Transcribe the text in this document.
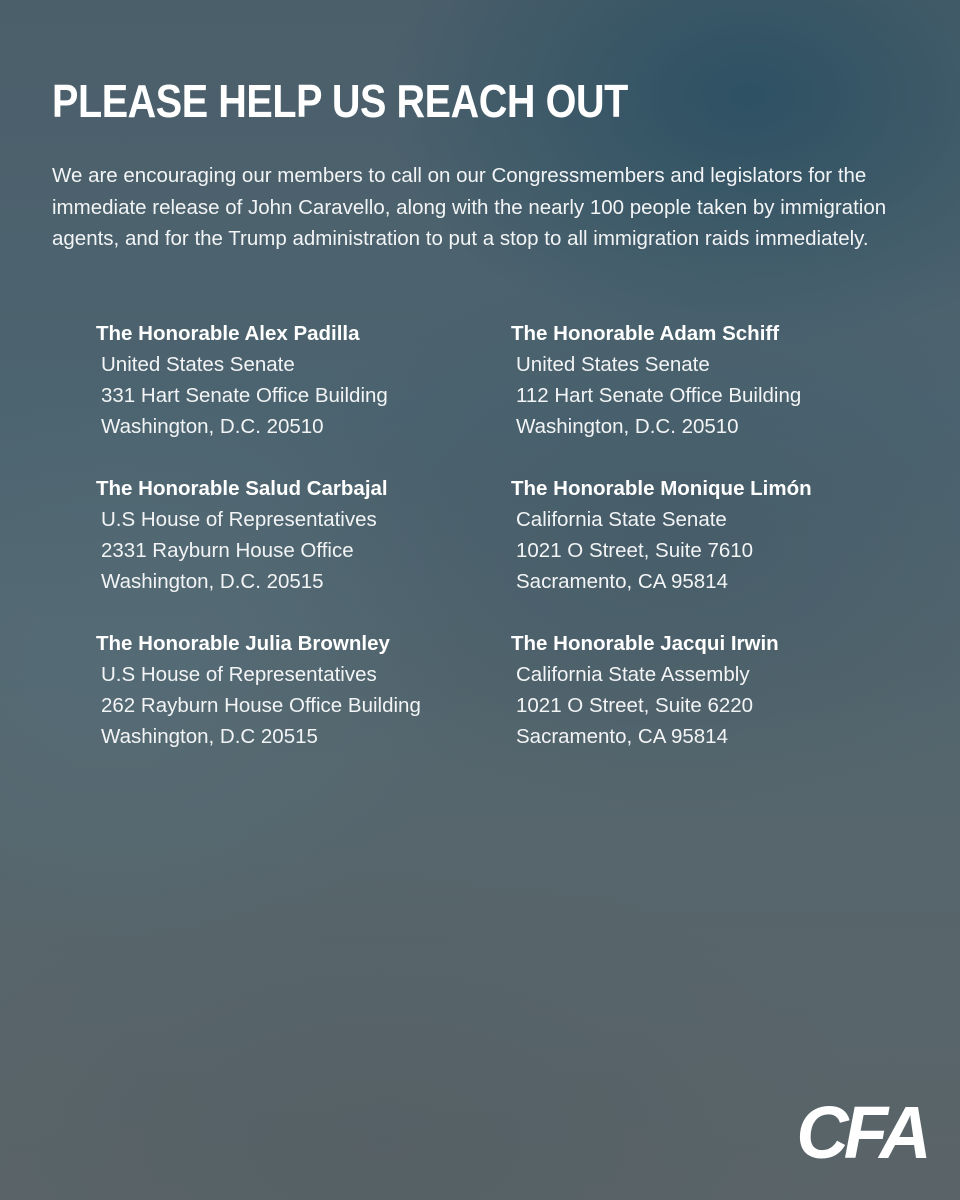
PLEASE HELP US REACH OUT

We are encouraging our members to call on our Congressmembers and legislators for the immediate release of John Caravello, along with the nearly 100 people taken by immigration agents, and for the Trump administration to put a stop to all immigration raids immediately.

The Honorable Alex Padilla
United States Senate
331 Hart Senate Office Building
Washington, D.C. 20510
The Honorable Adam Schiff
United States Senate
112 Hart Senate Office Building
Washington, D.C. 20510
The Honorable Salud Carbajal
U.S House of Representatives
2331 Rayburn House Office
Washington, D.C. 20515
The Honorable Monique Limón
California State Senate
1021 O Street, Suite 7610
Sacramento, CA 95814
The Honorable Julia Brownley
U.S House of Representatives
262 Rayburn House Office Building
Washington, D.C 20515
The Honorable Jacqui Irwin
California State Assembly
1021 O Street, Suite 6220
Sacramento, CA 95814
CFA
